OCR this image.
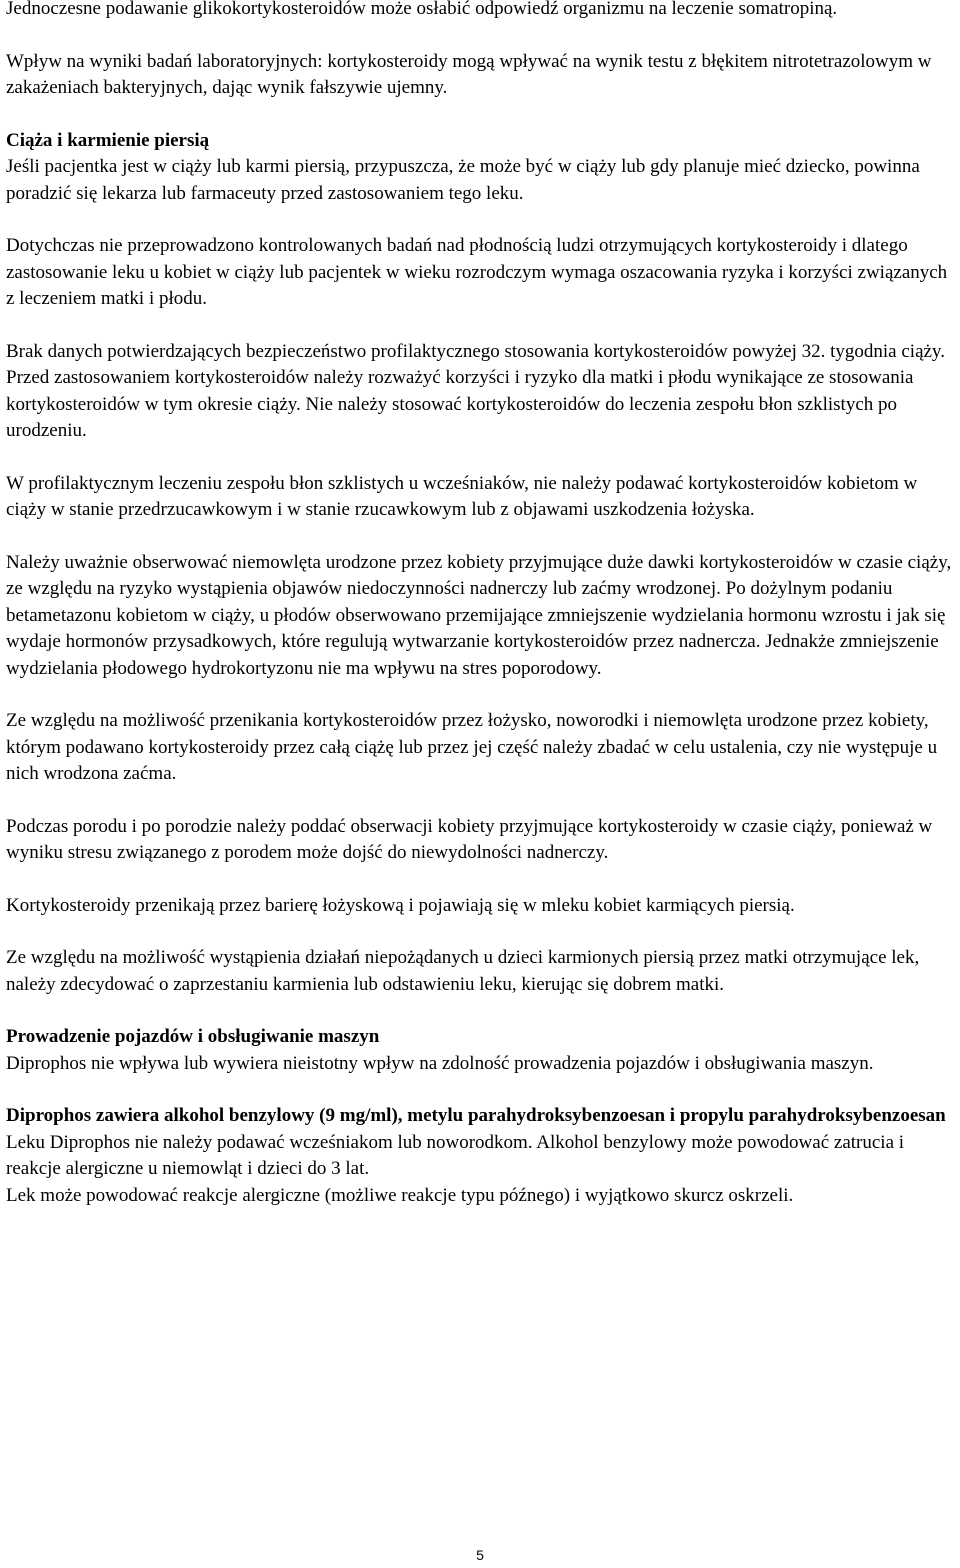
Jednoczesne podawanie glikokortykosteroidów może osłabić odpowiedź organizmu na leczenie somatropiną.

Wpływ na wyniki badań laboratoryjnych: kortykosteroidy mogą wpływać na wynik testu z błękitem nitrotetrazolowym w zakażeniach bakteryjnych, dając wynik fałszywie ujemny.

Ciąża i karmienie piersią

Jeśli pacjentka jest w ciąży lub karmi piersią, przypuszcza, że może być w ciąży lub gdy planuje mieć dziecko, powinna poradzić się lekarza lub farmaceuty przed zastosowaniem tego leku.

Dotychczas nie przeprowadzono kontrolowanych badań nad płodnością ludzi otrzymujących kortykosteroidy i dlatego zastosowanie leku u kobiet w ciąży lub pacjentek w wieku rozrodczym wymaga oszacowania ryzyka i korzyści związanych z leczeniem matki i płodu.

Brak danych potwierdzających bezpieczeństwo profilaktycznego stosowania kortykosteroidów powyżej 32. tygodnia ciąży. Przed zastosowaniem kortykosteroidów należy rozważyć korzyści i ryzyko dla matki i płodu wynikające ze stosowania kortykosteroidów w tym okresie ciąży. Nie należy stosować kortykosteroidów do leczenia zespołu błon szklistych po urodzeniu.

W profilaktycznym leczeniu zespołu błon szklistych u wcześniaków, nie należy podawać kortykosteroidów kobietom w ciąży w stanie przedrzucawkowym i w stanie rzucawkowym lub z objawami uszkodzenia łożyska.

Należy uważnie obserwować niemowlęta urodzone przez kobiety przyjmujące duże dawki kortykosteroidów w czasie ciąży, ze względu na ryzyko wystąpienia objawów niedoczynności nadnerczy lub zaćmy wrodzonej. Po dożylnym podaniu betametazonu kobietom w ciąży, u płodów obserwowano przemijające zmniejszenie wydzielania hormonu wzrostu i jak się wydaje hormonów przysadkowych, które regulują wytwarzanie kortykosteroidów przez nadnercza. Jednakże zmniejszenie wydzielania płodowego hydrokortyzonu nie ma wpływu na stres poporodowy.

Ze względu na możliwość przenikania kortykosteroidów przez łożysko, noworodki i niemowlęta urodzone przez kobiety, którym podawano kortykosteroidy przez całą ciążę lub przez jej część należy zbadać w celu ustalenia, czy nie występuje u nich wrodzona zaćma.

Podczas porodu i po porodzie należy poddać obserwacji kobiety przyjmujące kortykosteroidy w czasie ciąży, ponieważ w wyniku stresu związanego z porodem może dojść do niewydolności nadnerczy.

Kortykosteroidy przenikają przez barierę łożyskową i pojawiają się w mleku kobiet karmiących piersią.

Ze względu na możliwość wystąpienia działań niepożądanych u dzieci karmionych piersią przez matki otrzymujące lek, należy zdecydować o zaprzestaniu karmienia lub odstawieniu leku, kierując się dobrem matki.

Prowadzenie pojazdów i obsługiwanie maszyn

Diprophos nie wpływa lub wywiera nieistotny wpływ na zdolność prowadzenia pojazdów i obsługiwania maszyn.

Diprophos zawiera alkohol benzylowy (9 mg/ml), metylu parahydroksybenzoesan i propylu parahydroksybenzoesan

Leku Diprophos nie należy podawać wcześniakom lub noworodkom. Alkohol benzylowy może powodować zatrucia i reakcje alergiczne u niemowląt i dzieci do 3 lat.

Lek może powodować reakcje alergiczne (możliwe reakcje typu późnego) i wyjątkowo skurcz oskrzeli.

5
